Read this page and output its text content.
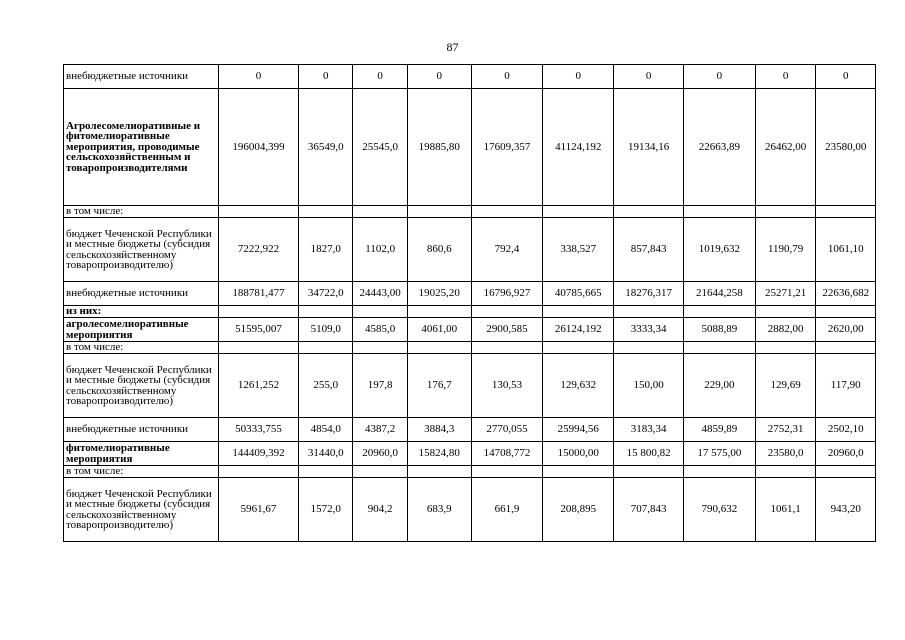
87
внебюджетные источники	0	0	0	0	0	0	0	0	0	0
Агролесомелиоративные и фитомелиоративные мероприятия, проводимые сельскохозяйственным и товаропроизводителями	196004,399	36549,0	25545,0	19885,80	17609,357	41124,192	19134,16	22663,89	26462,00	23580,00
в том числе:										
бюджет Чеченской Республики и местные бюджеты (субсидия сельскохозяйственному товаропроизводителю)	7222,922	1827,0	1102,0	860,6	792,4	338,527	857,843	1019,632	1190,79	1061,10
внебюджетные источники	188781,477	34722,0	24443,00	19025,20	16796,927	40785,665	18276,317	21644,258	25271,21	22636,682
из них:										
агролесомелиоративные мероприятия	51595,007	5109,0	4585,0	4061,00	2900,585	26124,192	3333,34	5088,89	2882,00	2620,00
в том числе:										
бюджет Чеченской Республики и местные бюджеты (субсидия сельскохозяйственному товаропроизводителю)	1261,252	255,0	197,8	176,7	130,53	129,632	150,00	229,00	129,69	117,90
внебюджетные источники	50333,755	4854,0	4387,2	3884,3	2770,055	25994,56	3183,34	4859,89	2752,31	2502,10
фитомелиоративные мероприятия	144409,392	31440,0	20960,0	15824,80	14708,772	15000,00	15 800,82	17 575,00	23580,0	20960,0
в том числе:										
бюджет Чеченской Республики и местные бюджеты (субсидия сельскохозяйственному товаропроизводителю)	5961,67	1572,0	904,2	683,9	661,9	208,895	707,843	790,632	1061,1	943,20
